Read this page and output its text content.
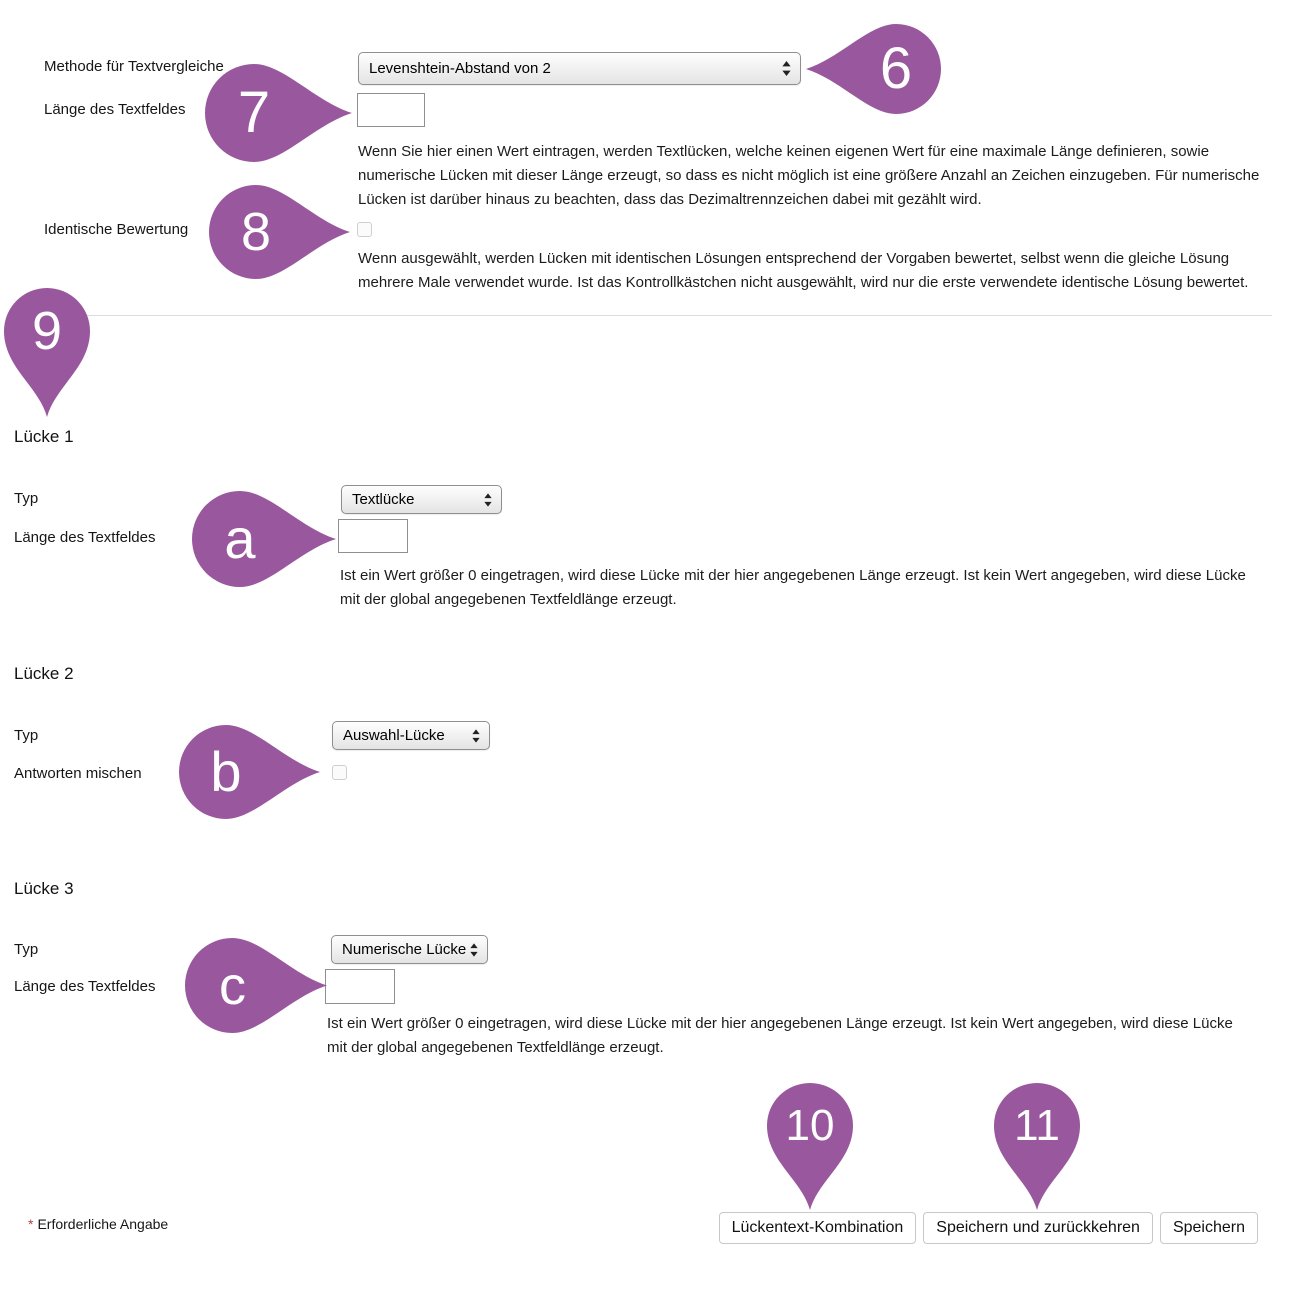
Methode für Textvergleiche	Levenshtein-Abstand von 2
Länge des Textfeldes
Wenn Sie hier einen Wert eintragen, werden Textlücken, welche keinen eigenen Wert für eine maximale Länge definieren, sowie numerische Lücken mit dieser Länge erzeugt, so dass es nicht möglich ist eine größere Anzahl an Zeichen einzugeben. Für numerische Lücken ist darüber hinaus zu beachten, dass das Dezimaltrennzeichen dabei mit gezählt wird.
Identische Bewertung
Wenn ausgewählt, werden Lücken mit identischen Lösungen entsprechend der Vorgaben bewertet, selbst wenn die gleiche Lösung mehrere Male verwendet wurde. Ist das Kontrollkästchen nicht ausgewählt, wird nur die erste verwendete identische Lösung bewertet.
Lücke 1
Typ	Textlücke
Länge des Textfeldes
Ist ein Wert größer 0 eingetragen, wird diese Lücke mit der hier angegebenen Länge erzeugt. Ist kein Wert angegeben, wird diese Lücke mit der global angegebenen Textfeldlänge erzeugt.
Lücke 2
Typ	Auswahl-Lücke
Antworten mischen
Lücke 3
Typ	Numerische Lücke
Länge des Textfeldes
Ist ein Wert größer 0 eingetragen, wird diese Lücke mit der hier angegebenen Länge erzeugt. Ist kein Wert angegeben, wird diese Lücke mit der global angegebenen Textfeldlänge erzeugt.
* Erforderliche Angabe	Lückentext-Kombination	Speichern und zurückkehren	Speichern
6
7
8
9
a
b
c
10	11
